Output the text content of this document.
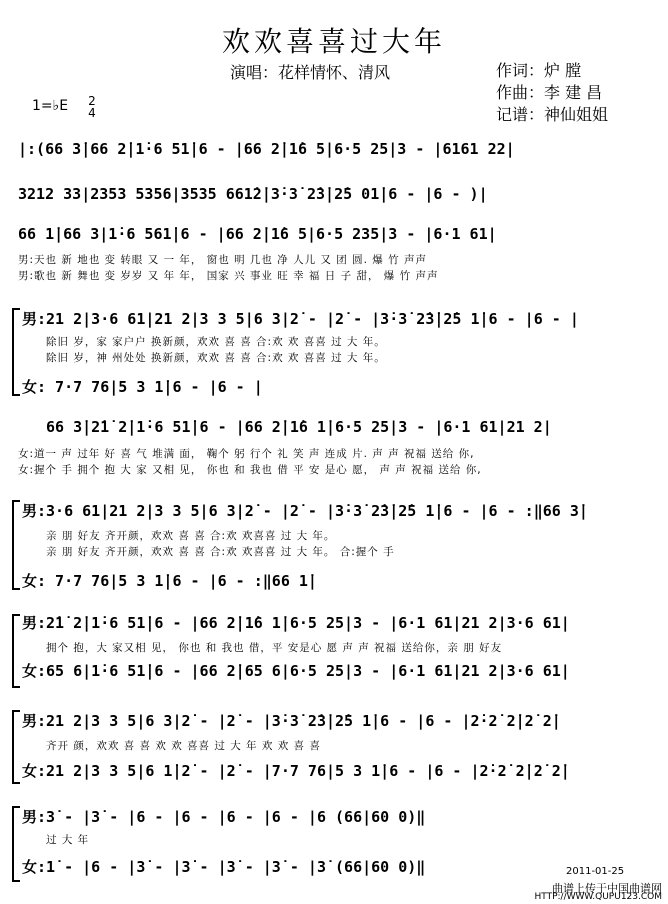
欢欢喜喜过大年
演唱：花样情怀、清风	作词：炉 膛
作曲：李 建 昌
记谱：神仙姐姐
1=♭E 2
4
|:(66 3̇|66 2̇|1̇·6 51̇|6 - |66 2̇|1̇6 5|6·5 25|3 - |6161 22|
3212 33|2353 5356|3535 661̇2̇|3̇·3̇ 2̇3̇|2̇5 01̇|6 - |6 - )|
66 1̇|66 3|1̇·6 561̇|6 - |66 2̇|1̇6 5|6·5 235|3 - |6·1 61|
男:天也 新 地也 变 转眼 又 一 年， 窗也 明 几也 净 人儿 又 团 圆. 爆 竹 声声
男:歌也 新 舞也 变 岁岁 又 年 年， 国家 兴 事业 旺 幸 福 日 子 甜， 爆 竹 声声
男:21 2|3·6 61|21 2|3 3 5|6 3|2̇ - |2̇ - |3̇·3̇ 2̇3̇|2̇5 1̇|6 - |6 - |
除旧 岁，家 家户户 换新颜，欢欢 喜 喜 合:欢 欢 喜喜 过 大 年。
除旧 岁，神 州处处 换新颜，欢欢 喜 喜 合:欢 欢 喜喜 过 大 年。
女: 7·7 76|5 3 1̇|6 - |6 - |
66 3̇|2̇1̇ 2̇|1̇·6 51̇|6 - |66 2̇|1̇6 1̇|6·5 25|3 - |6·1 61|21 2|
女:道一 声 过年 好 喜 气 堆满 面， 鞠个 躬 行个 礼 笑 声 连成 片. 声 声 祝福 送给 你,
女:握个 手 拥个 抱 大 家 又相 见， 你也 和 我也 借 平 安 是心 愿， 声 声 祝福 送给 你,
男:3·6 61|21 2|3 3 5|6 3|2̇ - |2̇ - |3̇·3̇ 2̇3̇|2̇5 1̇|6 - |6 - :‖66 3̇|
亲 朋 好友 齐开颜，欢欢 喜 喜 合:欢 欢喜喜 过 大 年。
亲 朋 好友 齐开颜，欢欢 喜 喜 合:欢 欢喜喜 过 大 年。 合:握个 手
女: 7·7 76|5 3 1̇|6 - |6 - :‖66 1̇|
男:2̇1̇ 2̇|1̇·6 51̇|6 - |66 2̇|1̇6 1̇|6·5 25|3 - |6·1 61|21 2|3·6 61|
拥个 抱，大 家又相 见， 你也 和 我也 借，平 安是心 愿 声 声 祝福 送给你，亲 朋 好友
女:65 6|1̇·6 51̇|6 - |66 2̇|65 6|6·5 25|3 - |6·1 61|21 2|3·6 61|
男:21 2|3 3 5|6 3|2̇ - |2̇ - |3̇·3̇ 2̇3̇|2̇5 1̇|6 - |6 - |2̇·2̇ 2̇|2̇ 2̇|
齐开 颜，欢欢 喜 喜 欢 欢 喜喜 过 大 年 欢 欢 喜 喜
女:21 2|3 3 5|6 1̇|2̇ - |2̇ - |7·7 76|5 3 1̇|6 - |6 - |2̇·2̇ 2̇|2̇ 2̇|
男:3̇ - |3̇ - |6 - |6 - |6 - |6 - |6 (66|60 0)‖
过 大 年
女:1̇ - |6 - |3̇ - |3̇ - |3̇ - |3̇ - |3̇ (66|60 0)‖	2011-01-25
曲谱上传于中国曲谱网
HTTP://WWW.QUPU123.COM
